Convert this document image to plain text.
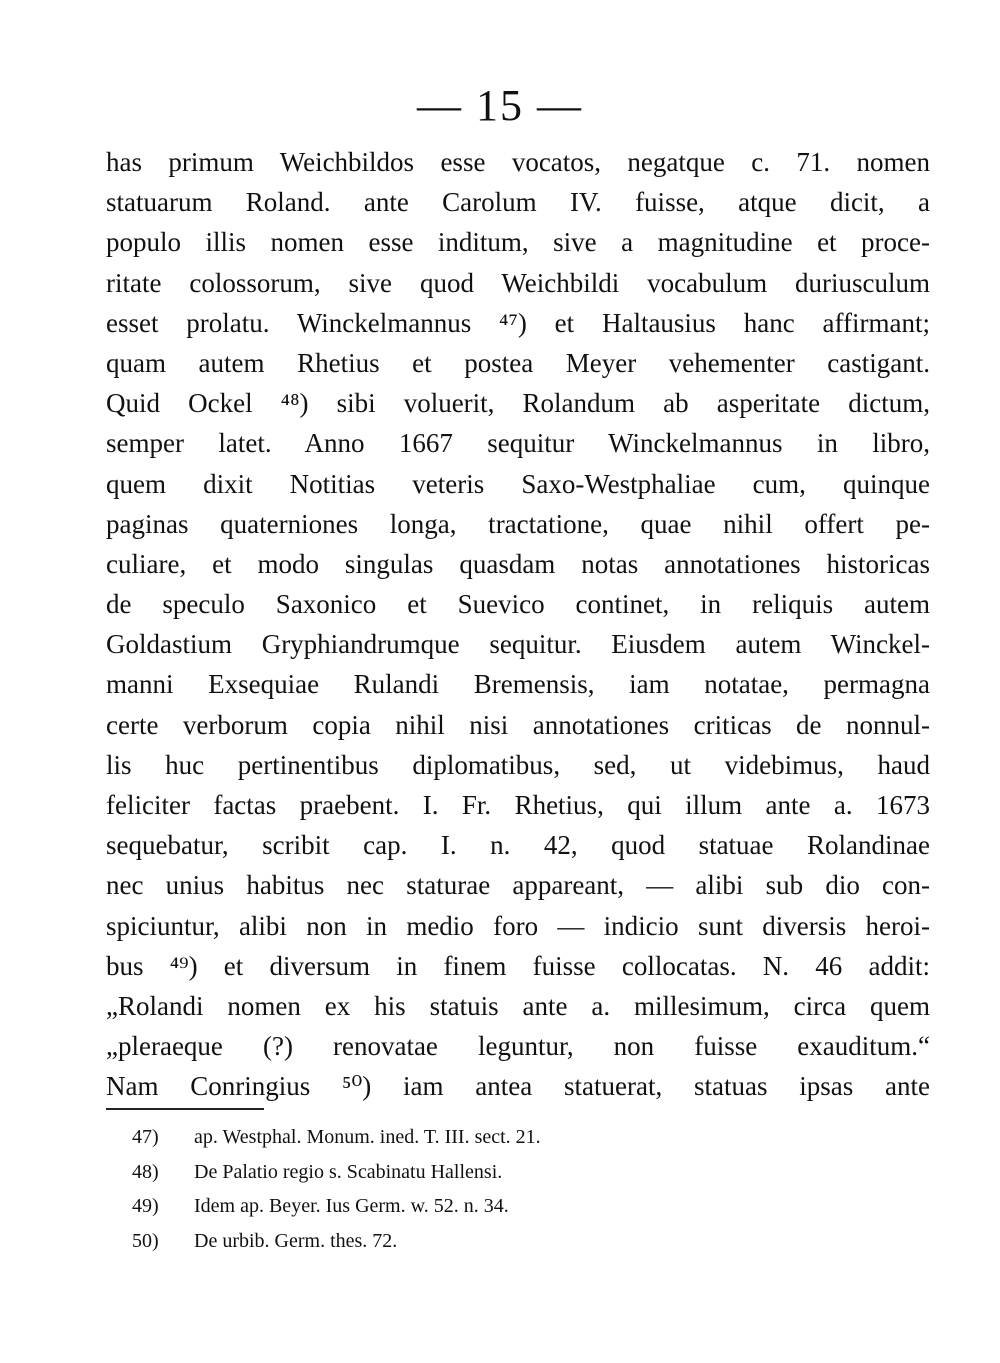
— 15 —
has primum Weichbildos esse vocatos, negatque c. 71. nomen
statuarum Roland. ante Carolum IV. fuisse, atque dicit, a
populo illis nomen esse inditum, sive a magnitudine et proce-
ritate colossorum, sive quod Weichbildi vocabulum duriusculum
esset prolatu. Winckelmannus ⁴⁷) et Haltausius hanc affirmant;
quam autem Rhetius et postea Meyer vehementer castigant.
Quid Ockel ⁴⁸) sibi voluerit, Rolandum ab asperitate dictum,
semper latet. Anno 1667 sequitur Winckelmannus in libro,
quem dixit Notitias veteris Saxo-Westphaliae cum, quinque
paginas quaterniones longa, tractatione, quae nihil offert pe-
culiare, et modo singulas quasdam notas annotationes historicas
de speculo Saxonico et Suevico continet, in reliquis autem
Goldastium Gryphiandrumque sequitur. Eiusdem autem Winckel-
manni Exsequiae Rulandi Bremensis, iam notatae, permagna
certe verborum copia nihil nisi annotationes criticas de nonnul-
lis huc pertinentibus diplomatibus, sed, ut videbimus, haud
feliciter factas praebent. I. Fr. Rhetius, qui illum ante a. 1673
sequebatur, scribit cap. I. n. 42, quod statuae Rolandinae
nec unius habitus nec staturae appareant, — alibi sub dio con-
spiciuntur, alibi non in medio foro — indicio sunt diversis heroi-
bus ⁴⁹) et diversum in finem fuisse collocatas. N. 46 addit:
„Rolandi nomen ex his statuis ante a. millesimum, circa quem
„pleraeque (?) renovatae leguntur, non fuisse exauditum.“
Nam Conringius ⁵⁰) iam antea statuerat, statuas ipsas ante
47) ap. Westphal. Monum. ined. T. III. sect. 21.
48) De Palatio regio s. Scabinatu Hallensi.
49) Idem ap. Beyer. Ius Germ. w. 52. n. 34.
50) De urbib. Germ. thes. 72.
